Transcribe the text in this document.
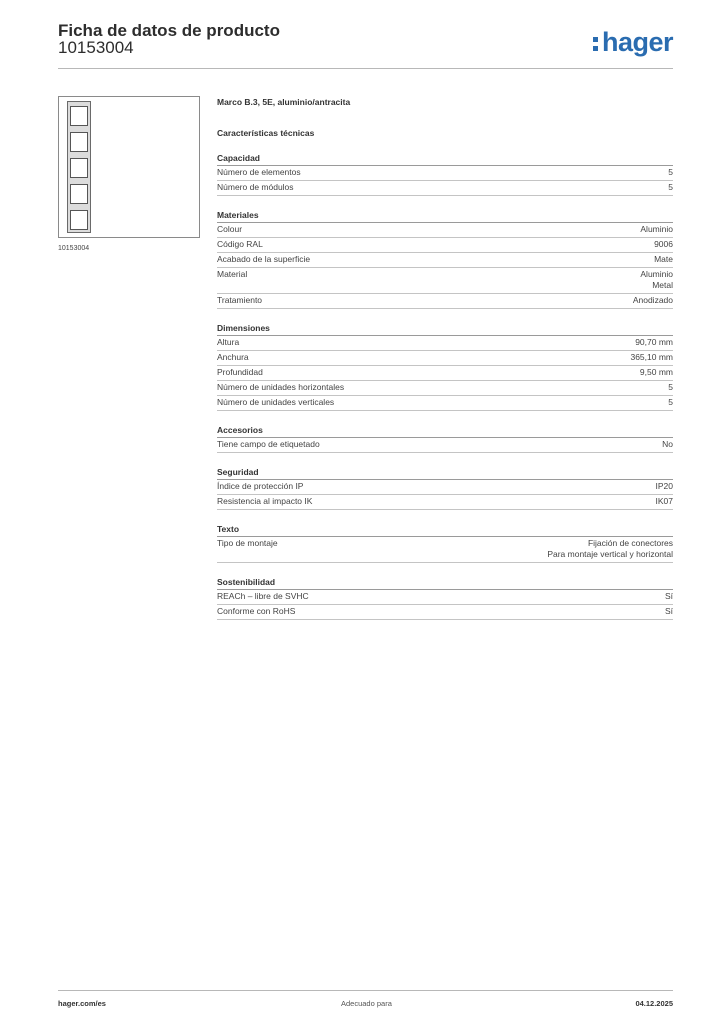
Ficha de datos de producto
10153004	hager
10153004
Marco B.3, 5E, aluminio/antracita
Características técnicas
Capacidad
Número de elementos	5
Número de módulos	5
Materiales
Colour	Aluminio
Código RAL	9006
Acabado de la superficie	Mate
Material	Aluminio
Metal
Tratamiento	Anodizado
Dimensiones
Altura	90,70 mm
Anchura	365,10 mm
Profundidad	9,50 mm
Número de unidades horizontales	5
Número de unidades verticales	5
Accesorios
Tiene campo de etiquetado	No
Seguridad
Índice de protección IP	IP20
Resistencia al impacto IK	IK07
Texto
Tipo de montaje	Fijación de conectores
Para montaje vertical y horizontal
Sostenibilidad
REACh – libre de SVHC	Sí
Conforme con RoHS	Sí
hager.com/es	Adecuado para	04.12.2025
